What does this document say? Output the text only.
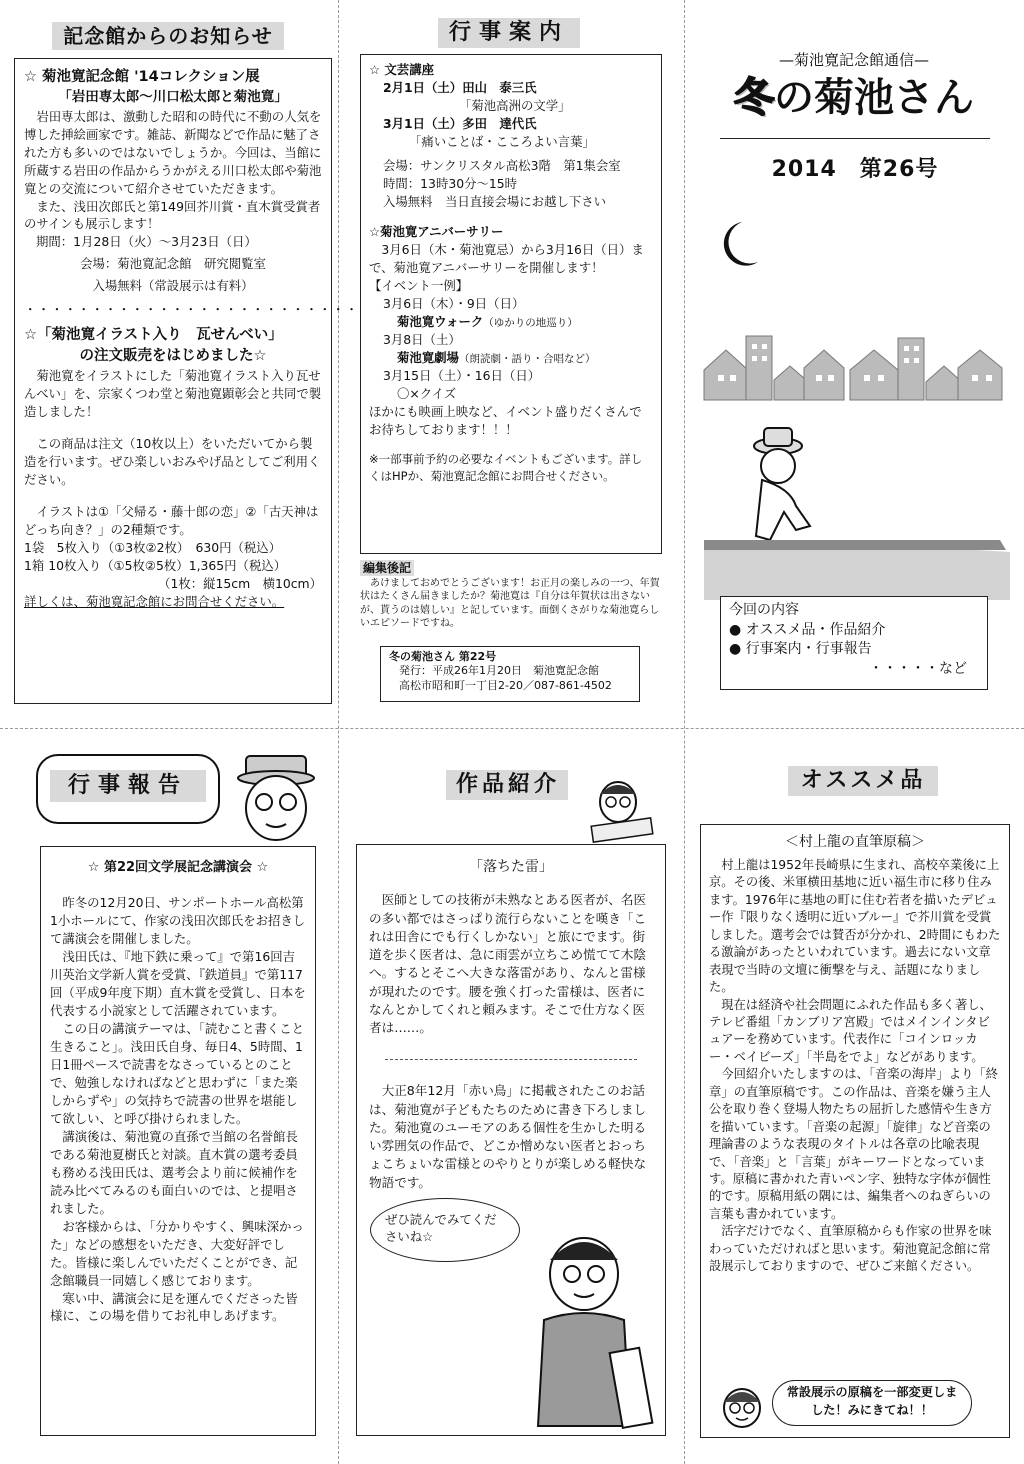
記念館からのお知らせ

☆ 菊池寛記念館 '14コレクション展

「岩田専太郎～川口松太郎と菊池寛」

岩田専太郎は、激動した昭和の時代に不動の人気を博した挿絵画家です。雑誌、新聞などで作品に魅了された方も多いのではないでしょうか。今回は、当館に所蔵する岩田の作品からうかがえる川口松太郎や菊池寛との交流について紹介させていただきます。

また、浅田次郎氏と第149回芥川賞・直木賞受賞者のサインも展示します！

期間：1月28日（火）～3月23日（日）

会場：菊池寛記念館　研究閲覧室

入場無料（常設展示は有料）

・・・・・・・・・・・・・・・・・・・・・・・・・

☆「菊池寛イラスト入り　瓦せんべい」

の注文販売をはじめました☆

菊池寛をイラストにした「菊池寛イラスト入り瓦せんべい」を、宗家くつわ堂と菊池寛顕彰会と共同で製造しました！

この商品は注文（10枚以上）をいただいてから製造を行います。ぜひ楽しいおみやげ品としてご利用ください。

イラストは①「父帰る・藤十郎の恋」②「古天神はどっち向き？」の2種類です。

1袋　5枚入り（①3枚②2枚）　630円（税込）

1箱 10枚入り（①5枚②5枚）1,365円（税込）

（1枚：縦15cm　横10cm）

詳しくは、菊池寛記念館にお問合せください。

行事案内

☆ 文芸講座

2月1日（土）田山　泰三氏

「菊池高洲の文学」

3月1日（土）多田　達代氏

「痛いことば・こころよい言葉」

会場：サンクリスタル高松3階　第1集会室

時間：13時30分～15時

入場無料　当日直接会場にお越し下さい

☆菊池寛アニバーサリー

3月6日（木・菊池寛忌）から3月16日（日）まで、菊池寛アニバーサリーを開催します！

【イベント一例】

3月6日（木）・9日（日）

菊池寛ウォーク（ゆかりの地巡り）

3月8日（土）

菊池寛劇場（朗読劇・語り・合唱など）

3月15日（土）・16日（日）

〇×クイズ

ほかにも映画上映など、イベント盛りだくさんでお待ちしております！！！

※一部事前予約の必要なイベントもございます。詳しくはHPか、菊池寛記念館にお問合せください。

編集後記

あけましておめでとうございます！お正月の楽しみの一つ、年賀状はたくさん届きましたか？菊池寛は『自分は年賀状は出さないが、貰うのは嬉しい』と記しています。面倒くさがりな菊池寛らしいエピソードですね。

冬の菊池さん 第22号

発行：平成26年1月20日　菊池寛記念館

高松市昭和町一丁目2-20／087-861-4502

—菊池寛記念館通信—
冬の菊池さん
2014　第26号

今回の内容

● オススメ品・作品紹介

● 行事案内・行事報告

・・・・・など

行事報告

☆ 第22回文学展記念講演会 ☆

昨冬の12月20日、サンポートホール高松第1小ホールにて、作家の浅田次郎氏をお招きして講演会を開催しました。

浅田氏は、『地下鉄に乗って』で第16回吉川英治文学新人賞を受賞、『鉄道員』で第117回（平成9年度下期）直木賞を受賞し、日本を代表する小説家として活躍されています。

この日の講演テーマは、「読むこと書くこと　生きること」。浅田氏自身、毎日4、5時間、1日1冊ペースで読書をなさっているとのことで、勉強しなければなどと思わずに「また楽しからずや」の気持ちで読書の世界を堪能して欲しい、と呼び掛けられました。

講演後は、菊池寛の直孫で当館の名誉館長である菊池夏樹氏と対談。直木賞の選考委員も務める浅田氏は、選考会より前に候補作を読み比べてみるのも面白いのでは、と提唱されました。

お客様からは、「分かりやすく、興味深かった」などの感想をいただき、大変好評でした。皆様に楽しんでいただくことができ、記念館職員一同嬉しく感じております。

寒い中、講演会に足を運んでくださった皆様に、この場を借りてお礼申しあげます。

作品紹介

「落ちた雷」

医師としての技術が未熟なとある医者が、名医の多い都ではさっぱり流行らないことを嘆き「これは田舎にでも行くしかない」と旅にでます。街道を歩く医者は、急に雨雲が立ちこめ慌てて木陰へ。するとそこへ大きな落雷があり、なんと雷様が現れたのです。腰を強く打った雷様は、医者になんとかしてくれと頼みます。そこで仕方なく医者は……。

大正8年12月「赤い鳥」に掲載されたこのお話は、菊池寛が子どもたちのために書き下ろしました。菊池寛のユーモアのある個性を生かした明るい雰囲気の作品で、どこか憎めない医者とおっちょこちょいな雷様とのやりとりが楽しめる軽快な物語です。

ぜひ読んでみてくださいね☆
オススメ品

＜村上龍の直筆原稿＞

村上龍は1952年長崎県に生まれ、高校卒業後に上京。その後、米軍横田基地に近い福生市に移り住みます。1976年に基地の町に住む若者を描いたデビュー作『限りなく透明に近いブルー』で芥川賞を受賞しました。選考会では賛否が分かれ、2時間にもわたる激論があったといわれています。過去にない文章表現で当時の文壇に衝撃を与え、話題になりました。

現在は経済や社会問題にふれた作品も多く著し、テレビ番組「カンブリア宮殿」ではメインインタビュアーを務めています。代表作に「コインロッカー・ベイビーズ」「半島をでよ」などがあります。

今回紹介いたしますのは、「音楽の海岸」より「終章」の直筆原稿です。この作品は、音楽を嫌う主人公を取り巻く登場人物たちの屈折した感情や生き方を描いています。「音楽の起源」「旋律」など音楽の理論書のような表現のタイトルは各章の比喩表現で、「音楽」と「言葉」がキーワードとなっています。原稿に書かれた青いペン字、独特な字体が個性的です。原稿用紙の隅には、編集者へのねぎらいの言葉も書かれています。

活字だけでなく、直筆原稿からも作家の世界を味わっていただければと思います。菊池寛記念館に常設展示しておりますので、ぜひご来館ください。

常設展示の原稿を一部変更しました！みにきてね！！
